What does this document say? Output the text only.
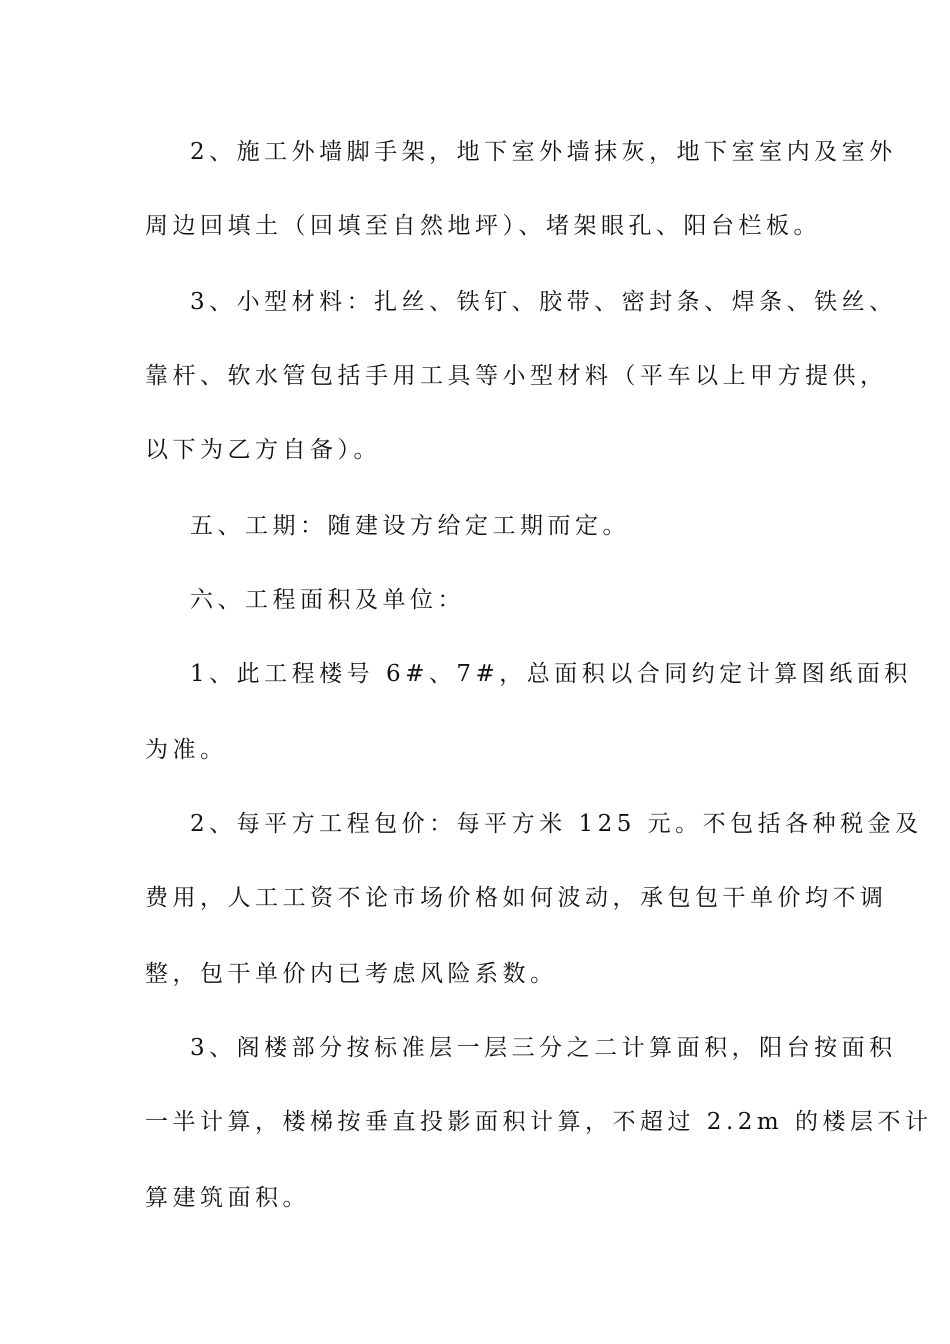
2、施工外墙脚手架，地下室外墙抹灰，地下室室内及室外
周边回填土（回填至自然地坪）、堵架眼孔、阳台栏板。
3、小型材料：扎丝、铁钉、胶带、密封条、焊条、铁丝、
靠杆、软水管包括手用工具等小型材料（平车以上甲方提供，
以下为乙方自备）。
五、工期：随建设方给定工期而定。
六、工程面积及单位：
1、此工程楼号 6#、7#，总面积以合同约定计算图纸面积
为准。
2、每平方工程包价：每平方米 125 元。不包括各种税金及
费用，人工工资不论市场价格如何波动，承包包干单价均不调
整，包干单价内已考虑风险系数。
3、阁楼部分按标准层一层三分之二计算面积，阳台按面积
一半计算，楼梯按垂直投影面积计算，不超过 2.2m 的楼层不计
算建筑面积。
